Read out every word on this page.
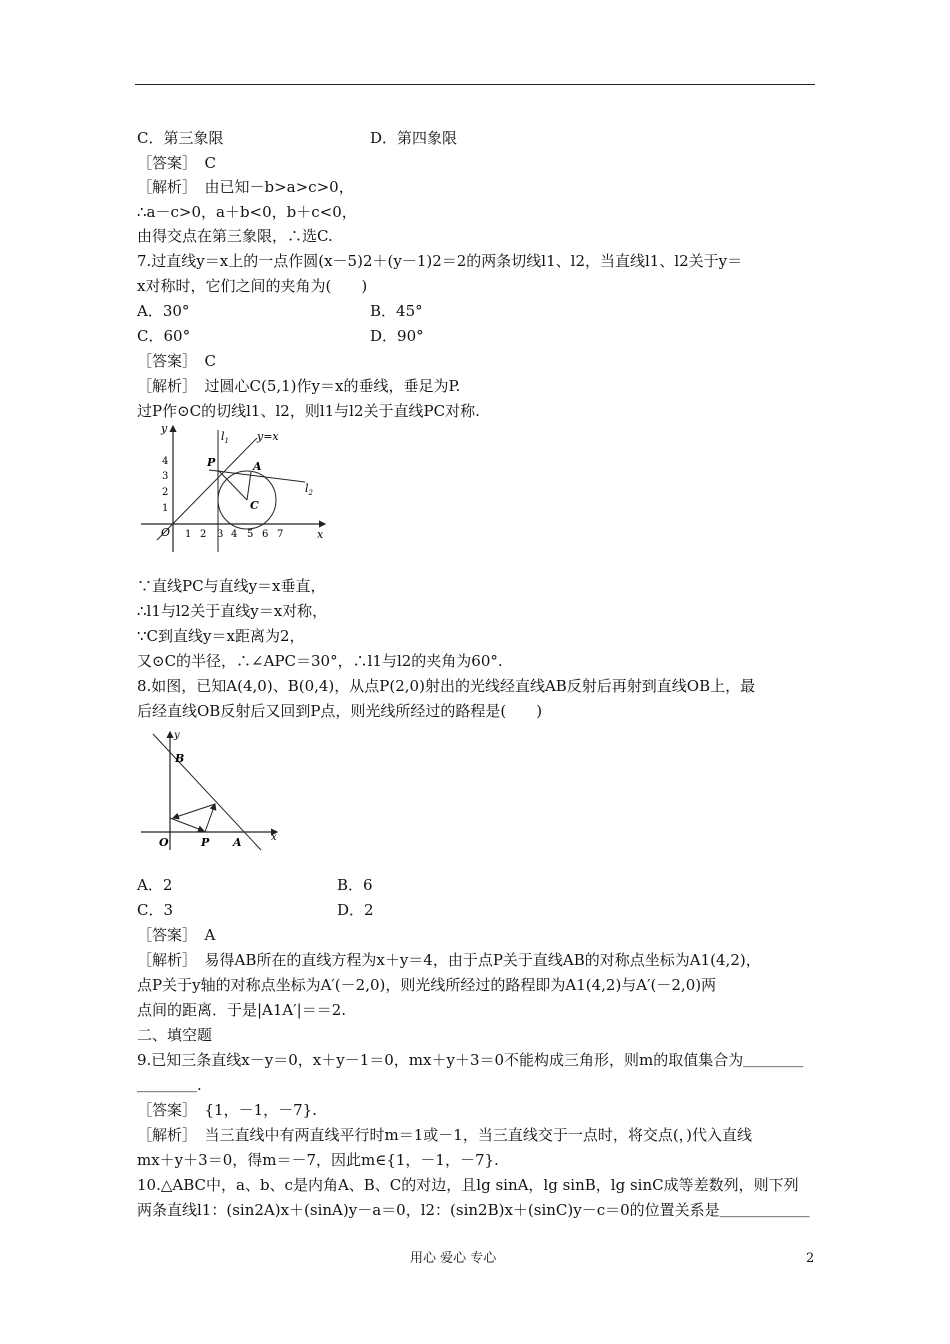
C．第三象限	D．第四象限
［答案］　C
［解析］　由已知－b>a>c>0，
∴a－c>0，a＋b<0，b＋c<0，
由得交点在第三象限，∴选C.
7.过直线y＝x上的一点作圆(x－5)2＋(y－1)2＝2的两条切线l1、l2，当直线l1、l2关于y＝
x对称时，它们之间的夹角为(　　)
A．30°	B．45°
C．60°	D．90°
［答案］　C
［解析］　过圆心C(5,1)作y＝x的垂线，垂足为P.
过P作⊙C的切线l1、l2，则l1与l2关于直线PC对称.
y
x
O
4
3
2
1
1 2 3 4 5 6 7
$l_1$	y=x
$l_2$
P	A
C
∵直线PC与直线y＝x垂直，
∴l1与l2关于直线y＝x对称，
∵C到直线y＝x距离为2，
又⊙C的半径，∴∠APC＝30°，∴l1与l2的夹角为60°.
8.如图，已知A(4,0)、B(0,4)，从点P(2,0)射出的光线经直线AB反射后再射到直线OB上，最
后经直线OB反射后又回到P点，则光线所经过的路程是(　　)
y
x
O
B
P A
A．2	B．6
C．3	D．2
［答案］　A
［解析］　易得AB所在的直线方程为x＋y＝4，由于点P关于直线AB的对称点坐标为A1(4,2)，
点P关于y轴的对称点坐标为A′(－2,0)，则光线所经过的路程即为A1(4,2)与A′(－2,0)两
点间的距离．于是|A1A′|＝＝2.
二、填空题
9.已知三条直线x－y＝0，x＋y－1＝0，mx＋y＋3＝0不能构成三角形，则m的取值集合为＿＿＿＿
＿＿＿＿.
［答案］　{1，－1，－7}.
［解析］　当三直线中有两直线平行时m＝1或－1，当三直线交于一点时，将交点(，)代入直线
mx＋y＋3＝0，得m＝－7，因此m∈{1，－1，－7}.
10.△ABC中，a、b、c是内角A、B、C的对边，且lg sinA，lg sinB，lg sinC成等差数列，则下列
两条直线l1：(sin2A)x＋(sinA)y－a＝0，l2：(sin2B)x＋(sinC)y－c＝0的位置关系是＿＿＿＿＿＿
用心 爱心 专心	2
